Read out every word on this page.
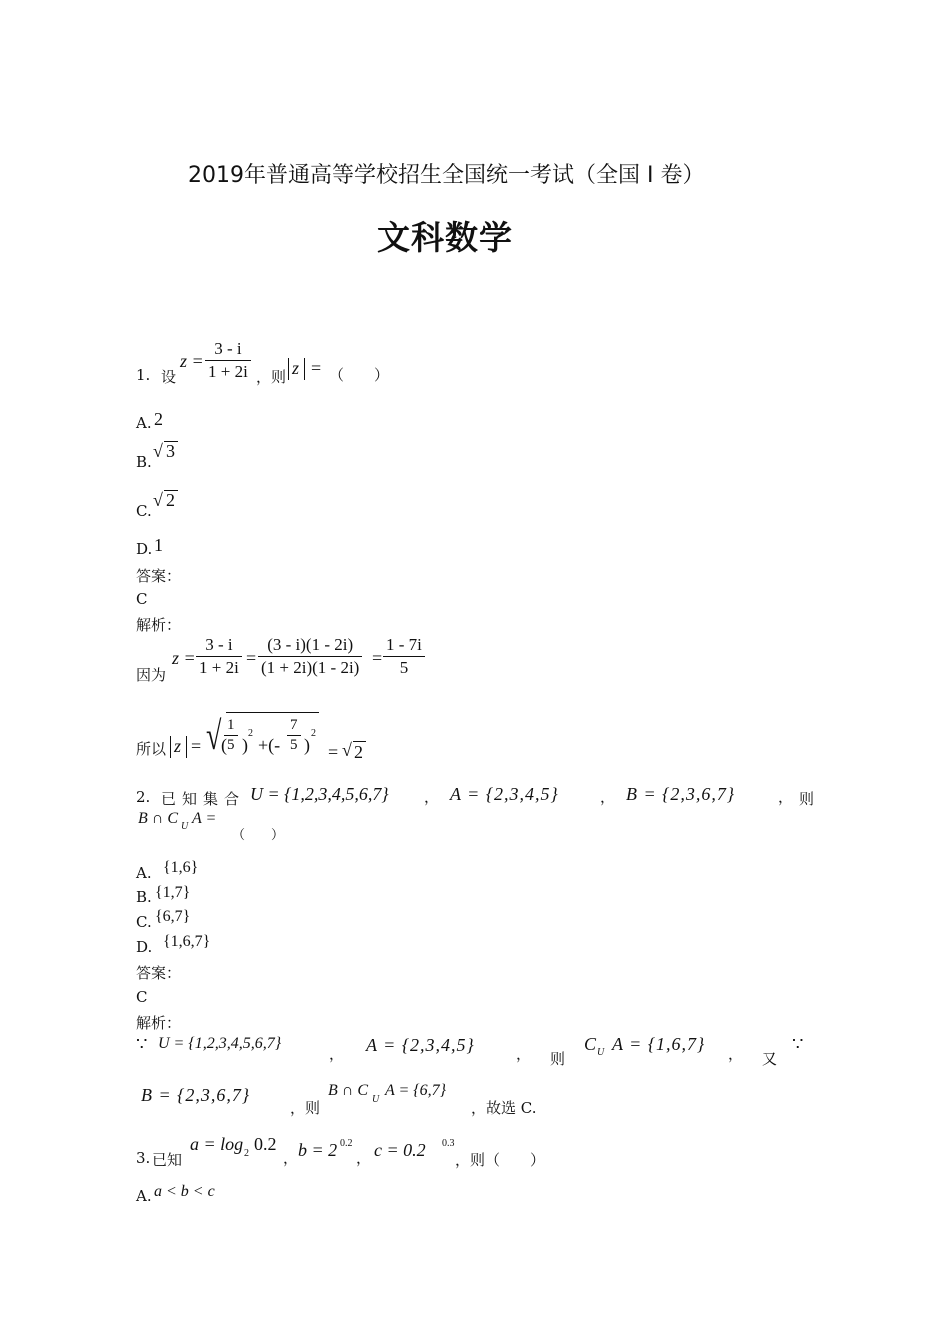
2019年普通高等学校招生全国统一考试（全国 I 卷）
文科数学
1. 设
$z = \frac{3 - i}{1 + 2i}$ ，则 z = （　　）
A. 2
B.
√ 3
C.
√ 2
D. 1
答案：
C
解析：
因为
$z = \frac{3 - i}{1 + 2i} = \frac{(3 - i)(1 - 2i)}{(1 + 2i)(1 - 2i)} = \frac{1 - 7i}{5}$
所以 z = √ (
$\frac{1}{5}$ )
2
+(- $\frac{7}{5}$ )
2
= √ 2
2. 已知集合 U = {1,2,3,4,5,6,7} ， A = {2,3,4,5}	， B = {2,3,6,7}	， 则
B ∩ C U A =
（　　）
A. {1,6}
B. {1,7}
C. {6,7}
D. {1,6,7}
答案：
C
解析：
∵ U = {1,2,3,4,5,6,7}
， A = {2,3,4,5}	， 则
C U A = {1,6,7} ， 又
∵
B = {2,3,6,7}
，则
B ∩ C
U
A = {6,7}
，故选 C.
3. 已知
a = log 2 0.2
， b = 2 0.2
， c = 0.2 0.3
，则（　　）
A. a < b < c
